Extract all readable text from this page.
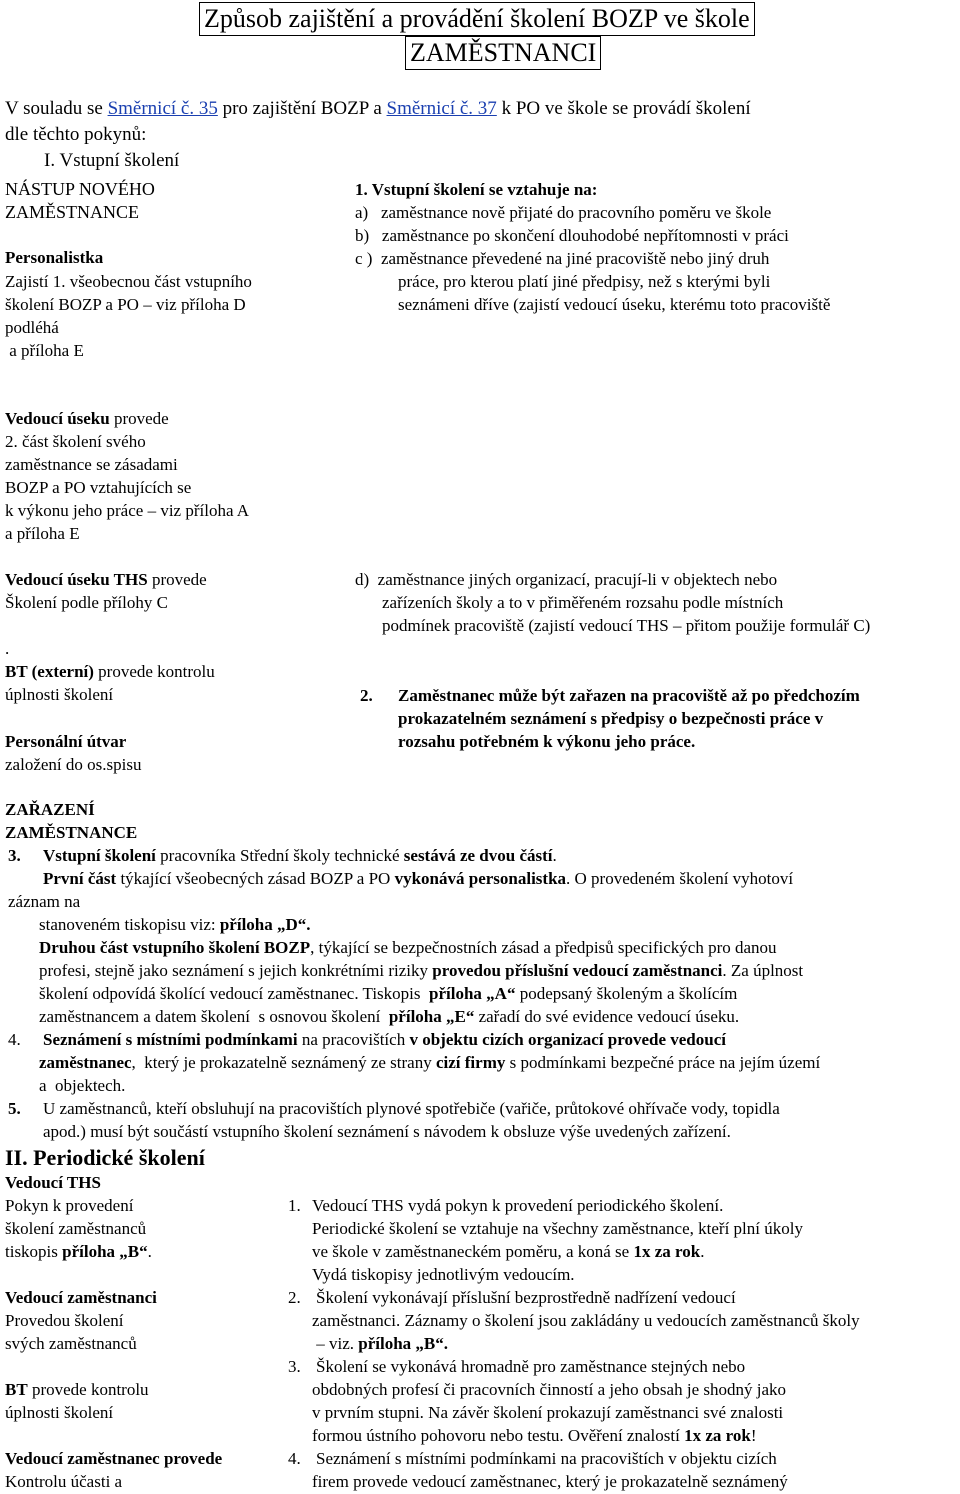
Způsob zajištění a provádění školení BOZP ve škole
ZAMĚSTNANCI
V souladu se Směrnicí č. 35 pro zajištění BOZP a Směrnicí č. 37 k PO ve škole se provádí školení
dle těchto pokynů:
I. Vstupní školení
NÁSTUP NOVÉHO
ZAMĚSTNANCE
Personalistka
Zajistí 1. všeobecnou část vstupního
školení BOZP a PO – viz příloha D
podléhá
a příloha E
Vedoucí úseku provede
2. část školení svého
zaměstnance se zásadami
BOZP a PO vztahujících se
k výkonu jeho práce – viz příloha A
a příloha E
Vedoucí úseku THS provede
Školení podle přílohy C
.
BT (externí) provede kontrolu
úplnosti školení
Personální útvar
založení do os.spisu
1. Vstupní školení se vztahuje na:
a)   zaměstnance nově přijaté do pracovního poměru ve škole
b)   zaměstnance po skončení dlouhodobé nepřítomnosti v práci
c )  zaměstnance převedené na jiné pracoviště nebo jiný druh
práce, pro kterou platí jiné předpisy, než s kterými byli
seznámeni dříve (zajistí vedoucí úseku, kterému toto pracoviště
d)  zaměstnance jiných organizací, pracují-li v objektech nebo
zařízeních školy a to v přiměřeném rozsahu podle místních
podmínek pracoviště (zajistí vedoucí THS – přitom použije formulář C)
2. Zaměstnanec může být zařazen na pracoviště až po předchozím
prokazatelném seznámení s předpisy o bezpečnosti práce v
rozsahu potřebném k výkonu jeho práce.
ZAŘAZENÍ
ZAMĚSTNANCE
3. Vstupní školení pracovníka Střední školy technické sestává ze dvou částí.
První část týkající všeobecných zásad BOZP a PO vykonává personalistka. O provedeném školení vyhotoví
záznam na
stanoveném tiskopisu viz: příloha „D“.
Druhou část vstupního školení BOZP, týkající se bezpečnostních zásad a předpisů specifických pro danou
profesi, stejně jako seznámení s jejich konkrétními riziky provedou příslušní vedoucí zaměstnanci. Za úplnost
školení odpovídá školící vedoucí zaměstnanec. Tiskopis  příloha „A“ podepsaný školeným a školícím
zaměstnancem a datem školení  s osnovou školení  příloha „E“ zařadí do své evidence vedoucí úseku.
4. Seznámení s místními podmínkami na pracovištích v objektu cizích organizací provede vedoucí
zaměstnanec,  který je prokazatelně seznámený ze strany cizí firmy s podmínkami bezpečné práce na jejím území
a  objektech.
5. U zaměstnanců, kteří obsluhují na pracovištích plynové spotřebiče (vařiče, průtokové ohřívače vody, topidla
apod.) musí být součástí vstupního školení seznámení s návodem k obsluze výše uvedených zařízení.
II. Periodické školení
Vedoucí THS
Pokyn k provedení
školení zaměstnanců
tiskopis příloha „B“.
Vedoucí zaměstnanci
Provedou školení
svých zaměstnanců
BT provede kontrolu
úplnosti školení
Vedoucí zaměstnanec provede
Kontrolu účasti a
1. Vedoucí THS vydá pokyn k provedení periodického školení.
Periodické školení se vztahuje na všechny zaměstnance, kteří plní úkoly
ve škole v zaměstnaneckém poměru, a koná se 1x za rok.
Vydá tiskopisy jednotlivým vedoucím.
2. Školení vykonávají příslušní bezprostředně nadřízení vedoucí
zaměstnanci. Záznamy o školení jsou zakládány u vedoucích zaměstnanců školy
– viz. příloha „B“.
3. Školení se vykonává hromadně pro zaměstnance stejných nebo
obdobných profesí či pracovních činností a jeho obsah je shodný jako
v prvním stupni. Na závěr školení prokazují zaměstnanci své znalosti
formou ústního pohovoru nebo testu. Ověření znalostí 1x za rok!
4. Seznámení s místními podmínkami na pracovištích v objektu cizích
firem provede vedoucí zaměstnanec, který je prokazatelně seznámený
